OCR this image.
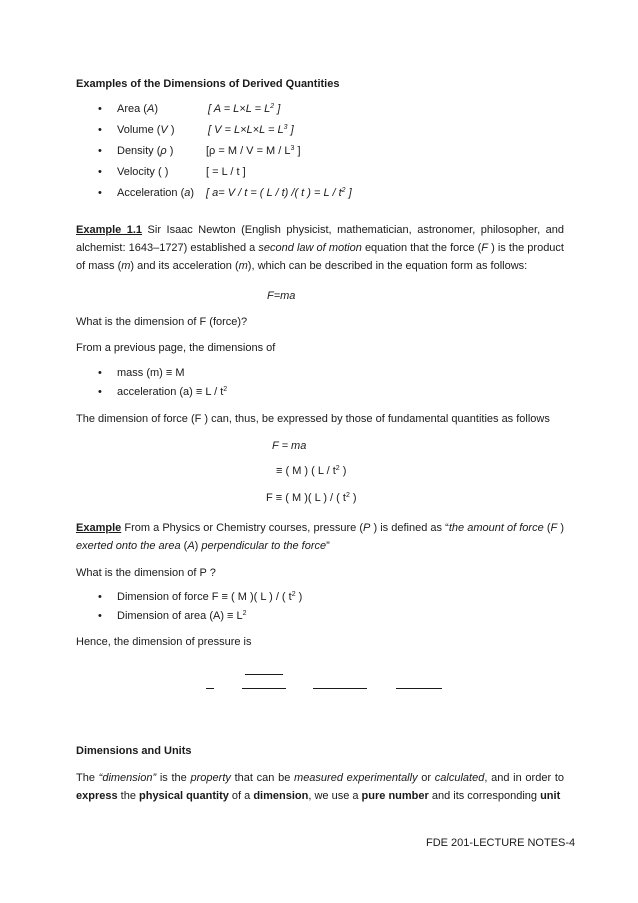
Examples of the Dimensions of Derived Quantities
• Area (A)	[ $A = L\times L = L^2$ ]
• Volume (V )	[ $V = L\times L\times L = L^3$ ]
• Density (ρ )	[$\rho = M / V = M / L^3$ ]
• Velocity ( )	[ = L / t ]
• Acceleration (a) [ a= V / t = ( L / t) /( t ) = L / $t^2$ ]
Example 1.1 Sir Isaac Newton (English physicist, mathematician, astronomer, philosopher, and alchemist: 1643–1727) established a second law of motion equation that the force (F ) is the product of mass (m) and its acceleration (m), which can be described in the equation form as follows:
F=ma
What is the dimension of F (force)?
From a previous page, the dimensions of
• mass (m) ≡ M
• acceleration $(a) \equiv L / t^2$
The dimension of force (F ) can, thus, be expressed by those of fundamental quantities as follows
F = ma
≡ ( M ) ( L / $t^2$ )
F ≡ ( M )( L ) / ( $t^2$ )
Example From a Physics or Chemistry courses, pressure (P ) is defined as “the amount of force (F ) exerted onto the area (A) perpendicular to the force”
What is the dimension of P ?
• Dimension of force F ≡ ( M )( L ) / ( $t^2$ )
• Dimension of area $(A) \equiv L^2$
Hence, the dimension of pressure is
Dimensions and Units
The “dimension” is the property that can be measured experimentally or calculated, and in order to express the physical quantity of a dimension, we use a pure number and its corresponding unit
FDE 201-LECTURE NOTES-4
